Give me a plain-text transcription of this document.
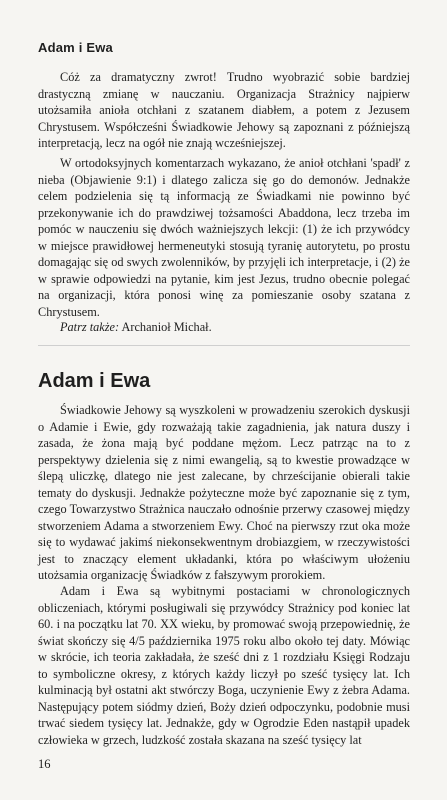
Adam i Ewa

Cóż za dramatyczny zwrot! Trudno wyobrazić sobie bardziej drastyczną zmianę w nauczaniu. Organizacja Strażnicy najpierw utożsamiła anioła otchłani z szatanem diabłem, a potem z Jezusem Chrystusem. Współcześni Świadkowie Jehowy są zapoznani z późniejszą interpretacją, lecz na ogół nie znają wcześniejszej.

W ortodoksyjnych komentarzach wykazano, że anioł otchłani 'spadł' z nieba (Objawienie 9:1) i dlatego zalicza się go do demonów. Jednakże celem podzielenia się tą informacją ze Świadkami nie powinno być przekonywanie ich do prawdziwej tożsamości Abaddona, lecz trzeba im pomóc w nauczeniu się dwóch ważniejszych lekcji: (1) że ich przywódcy w miejsce prawidłowej hermeneutyki stosują tyranię autorytetu, po prostu domagając się od swych zwolenników, by przyjęli ich interpretacje, i (2) że w sprawie odpowiedzi na pytanie, kim jest Jezus, trudno obecnie polegać na organizacji, która ponosi winę za pomieszanie osoby szatana z Chrystusem.

Patrz także: Archanioł Michał.
Adam i Ewa

Świadkowie Jehowy są wyszkoleni w prowadzeniu szerokich dyskusji o Adamie i Ewie, gdy rozważają takie zagadnienia, jak natura duszy i zasada, że żona mają być poddane mężom. Lecz patrząc na to z perspektywy dzielenia się z nimi ewangelią, są to kwestie prowadzące w ślepą uliczkę, dlatego nie jest zalecane, by chrześcijanie obierali takie tematy do dyskusji. Jednakże pożyteczne może być zapoznanie się z tym, czego Towarzystwo Strażnica nauczało odnośnie przerwy czasowej między stworzeniem Adama a stworzeniem Ewy. Choć na pierwszy rzut oka może się to wydawać jakimś niekonsekwentnym drobiazgiem, w rzeczywistości jest to znaczący element układanki, która po właściwym ułożeniu utożsamia organizację Świadków z fałszywym prorokiem.

Adam i Ewa są wybitnymi postaciami w chronologicznych obliczeniach, którymi posługiwali się przywódcy Strażnicy pod koniec lat 60. i na początku lat 70. XX wieku, by promować swoją przepowiednię, że świat skończy się 4/5 października 1975 roku albo około tej daty. Mówiąc w skrócie, ich teoria zakładała, że sześć dni z 1 rozdziału Księgi Rodzaju to symboliczne okresy, z których każdy liczył po sześć tysięcy lat. Ich kulminacją był ostatni akt stwórczy Boga, uczynienie Ewy z żebra Adama. Następujący potem siódmy dzień, Boży dzień odpoczynku, podobnie musi trwać siedem tysięcy lat. Jednakże, gdy w Ogrodzie Eden nastąpił upadek człowieka w grzech, ludzkość została skazana na sześć tysięcy lat

16
